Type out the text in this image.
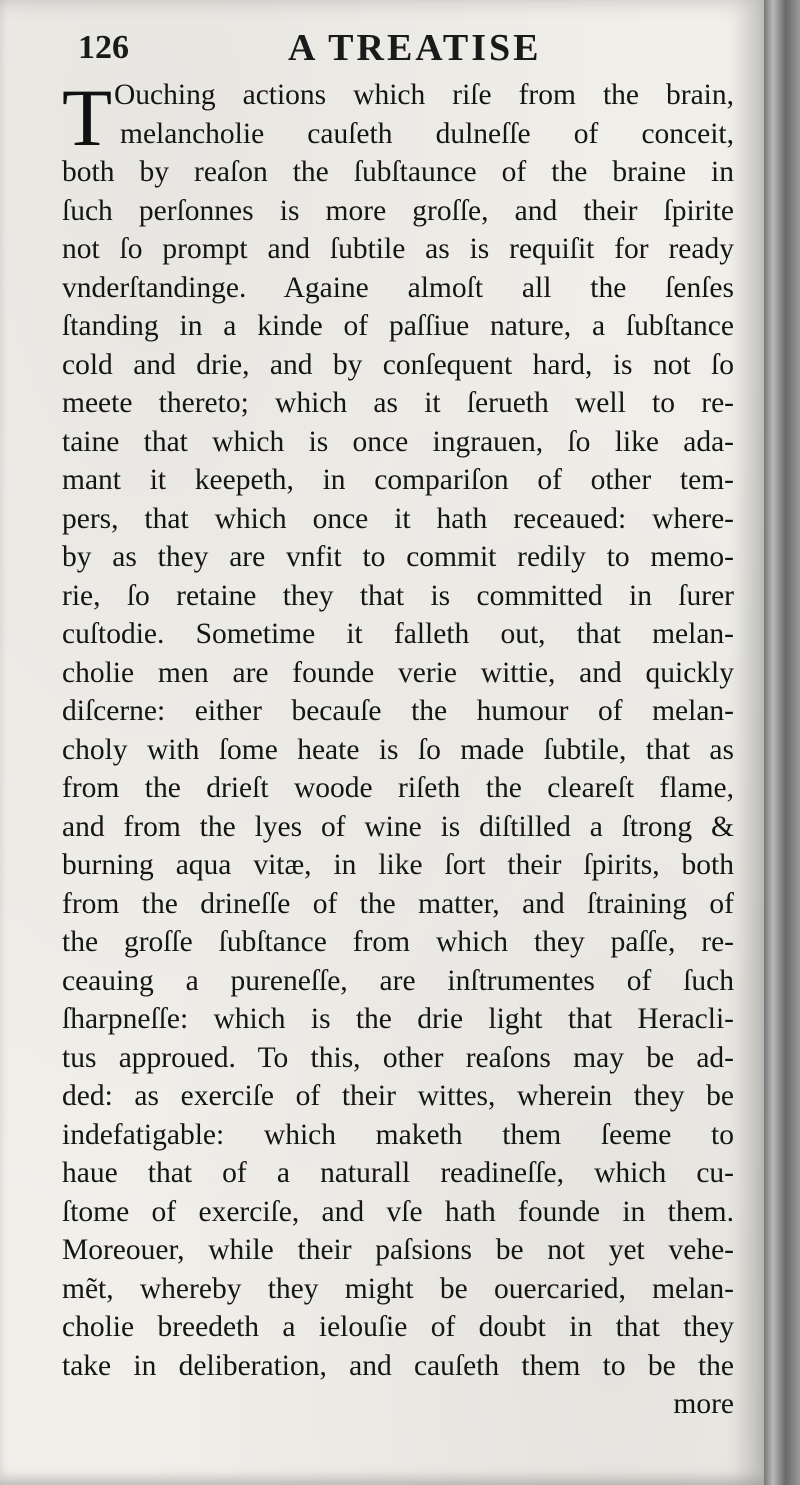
126	A TREATISE
T Ouching actions which riſe from the brain,
melancholie cauſeth dulneſſe of conceit,
both by reaſon the ſubſtaunce of the braine in
ſuch perſonnes is more groſſe, and their ſpirite
not ſo prompt and ſubtile as is requiſit for ready
vnderſtandinge. Againe almoſt all the ſenſes
ſtanding in a kinde of paſſiue nature, a ſubſtance
cold and drie, and by conſequent hard, is not ſo
meete thereto; which as it ſerueth well to re-
taine that which is once ingrauen, ſo like ada-
mant it keepeth, in compariſon of other tem-
pers, that which once it hath receaued: where-
by as they are vnfit to commit redily to memo-
rie, ſo retaine they that is committed in ſurer
cuſtodie. Sometime it falleth out, that melan-
cholie men are founde verie wittie, and quickly
diſcerne: either becauſe the humour of melan-
choly with ſome heate is ſo made ſubtile, that as
from the drieſt woode riſeth the cleareſt flame,
and from the lyes of wine is diſtilled a ſtrong &
burning aqua vitæ, in like ſort their ſpirits, both
from the drineſſe of the matter, and ſtraining of
the groſſe ſubſtance from which they paſſe, re-
ceauing a pureneſſe, are inſtrumentes of ſuch
ſharpneſſe: which is the drie light that Heracli-
tus approued. To this, other reaſons may be ad-
ded: as exerciſe of their wittes, wherein they be
indefatigable: which maketh them ſeeme to
haue that of a naturall readineſſe, which cu-
ſtome of exerciſe, and vſe hath founde in them.
Moreouer, while their paſsions be not yet vehe-
mẽt, whereby they might be ouercaried, melan-
cholie breedeth a ielouſie of doubt in that they
take in deliberation, and cauſeth them to be the
more
